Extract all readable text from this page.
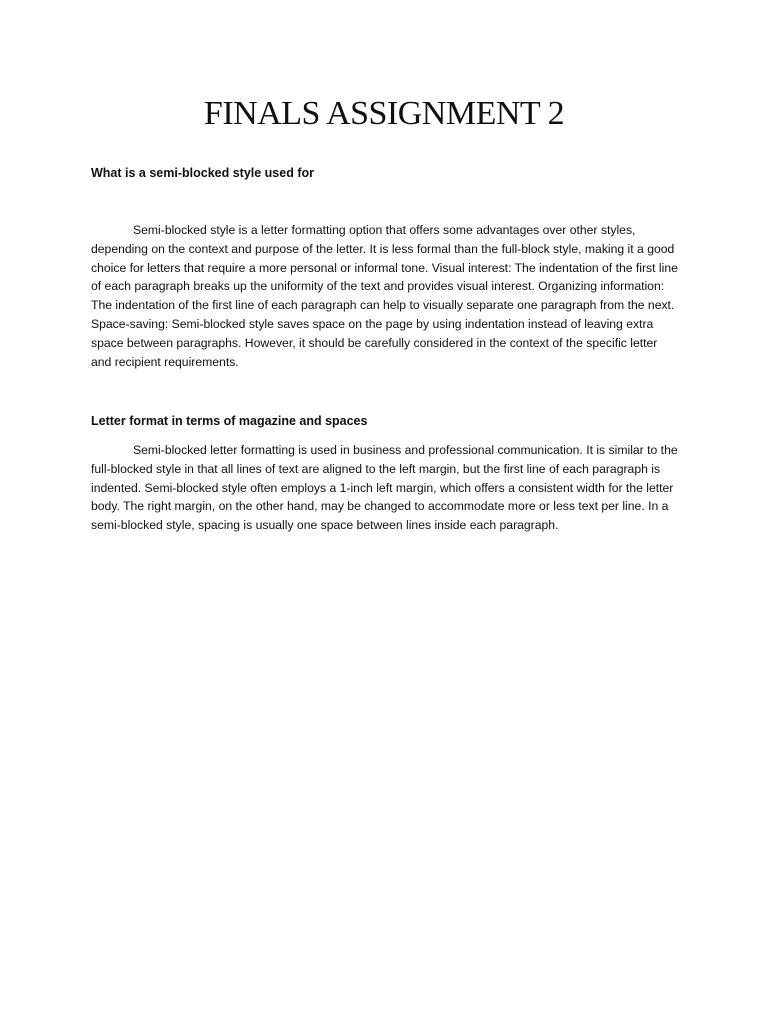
FINALS ASSIGNMENT 2
What is a semi-blocked style used for

Semi-blocked style is a letter formatting option that offers some advantages over other styles, depending on the context and purpose of the letter. It is less formal than the full-block style, making it a good choice for letters that require a more personal or informal tone. Visual interest: The indentation of the first line of each paragraph breaks up the uniformity of the text and provides visual interest. Organizing information: The indentation of the first line of each paragraph can help to visually separate one paragraph from the next. Space-saving: Semi-blocked style saves space on the page by using indentation instead of leaving extra space between paragraphs. However, it should be carefully considered in the context of the specific letter and recipient requirements.

Letter format in terms of magazine and spaces

Semi-blocked letter formatting is used in business and professional communication. It is similar to the full-blocked style in that all lines of text are aligned to the left margin, but the first line of each paragraph is indented. Semi-blocked style often employs a 1-inch left margin, which offers a consistent width for the letter body. The right margin, on the other hand, may be changed to accommodate more or less text per line. In a semi-blocked style, spacing is usually one space between lines inside each paragraph.
